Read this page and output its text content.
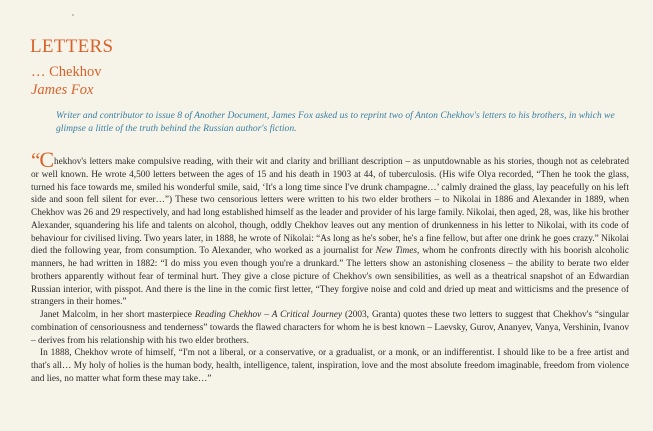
LETTERS
… Chekhov
James Fox
Writer and contributor to issue 8 of Another Document, James Fox asked us to reprint two of Anton Chekhov's letters to his brothers, in which we glimpse a little of the truth behind the Russian author's fiction.

“Chekhov's letters make compulsive reading, with their wit and clarity and brilliant description – as unputdownable as his stories, though not as celebrated or well known. He wrote 4,500 letters between the ages of 15 and his death in 1903 at 44, of tuberculosis. (His wife Olya recorded, “Then he took the glass, turned his face towards me, smiled his wonderful smile, said, ‘It's a long time since I've drunk champagne…’ calmly drained the glass, lay peacefully on his left side and soon fell silent for ever…”) These two censorious letters were written to his two elder brothers – to Nikolai in 1886 and Alexander in 1889, when Chekhov was 26 and 29 respectively, and had long established himself as the leader and provider of his large family. Nikolai, then aged, 28, was, like his brother Alexander, squandering his life and talents on alcohol, though, oddly Chekhov leaves out any mention of drunkenness in his letter to Nikolai, with its code of behaviour for civilised living. Two years later, in 1888, he wrote of Nikolai: “As long as he's sober, he's a fine fellow, but after one drink he goes crazy.” Nikolai died the following year, from consumption. To Alexander, who worked as a journalist for New Times, whom he confronts directly with his boorish alcoholic manners, he had written in 1882: “I do miss you even though you're a drunkard.” The letters show an astonishing closeness – the ability to berate two elder brothers apparently without fear of terminal hurt. They give a close picture of Chekhov's own sensibilities, as well as a theatrical snapshot of an Edwardian Russian interior, with pisspot. And there is the line in the comic first letter, “They forgive noise and cold and dried up meat and witticisms and the presence of strangers in their homes.”

Janet Malcolm, in her short masterpiece Reading Chekhov – A Critical Journey (2003, Granta) quotes these two letters to suggest that Chekhov's “singular combination of censoriousness and tenderness” towards the flawed characters for whom he is best known – Laevsky, Gurov, Ananyev, Vanya, Vershinin, Ivanov – derives from his relationship with his two elder brothers.

In 1888, Chekhov wrote of himself, “I'm not a liberal, or a conservative, or a gradualist, or a monk, or an indifferentist. I should like to be a free artist and that's all… My holy of holies is the human body, health, intelligence, talent, inspiration, love and the most absolute freedom imaginable, freedom from violence and lies, no matter what form these may take…”
